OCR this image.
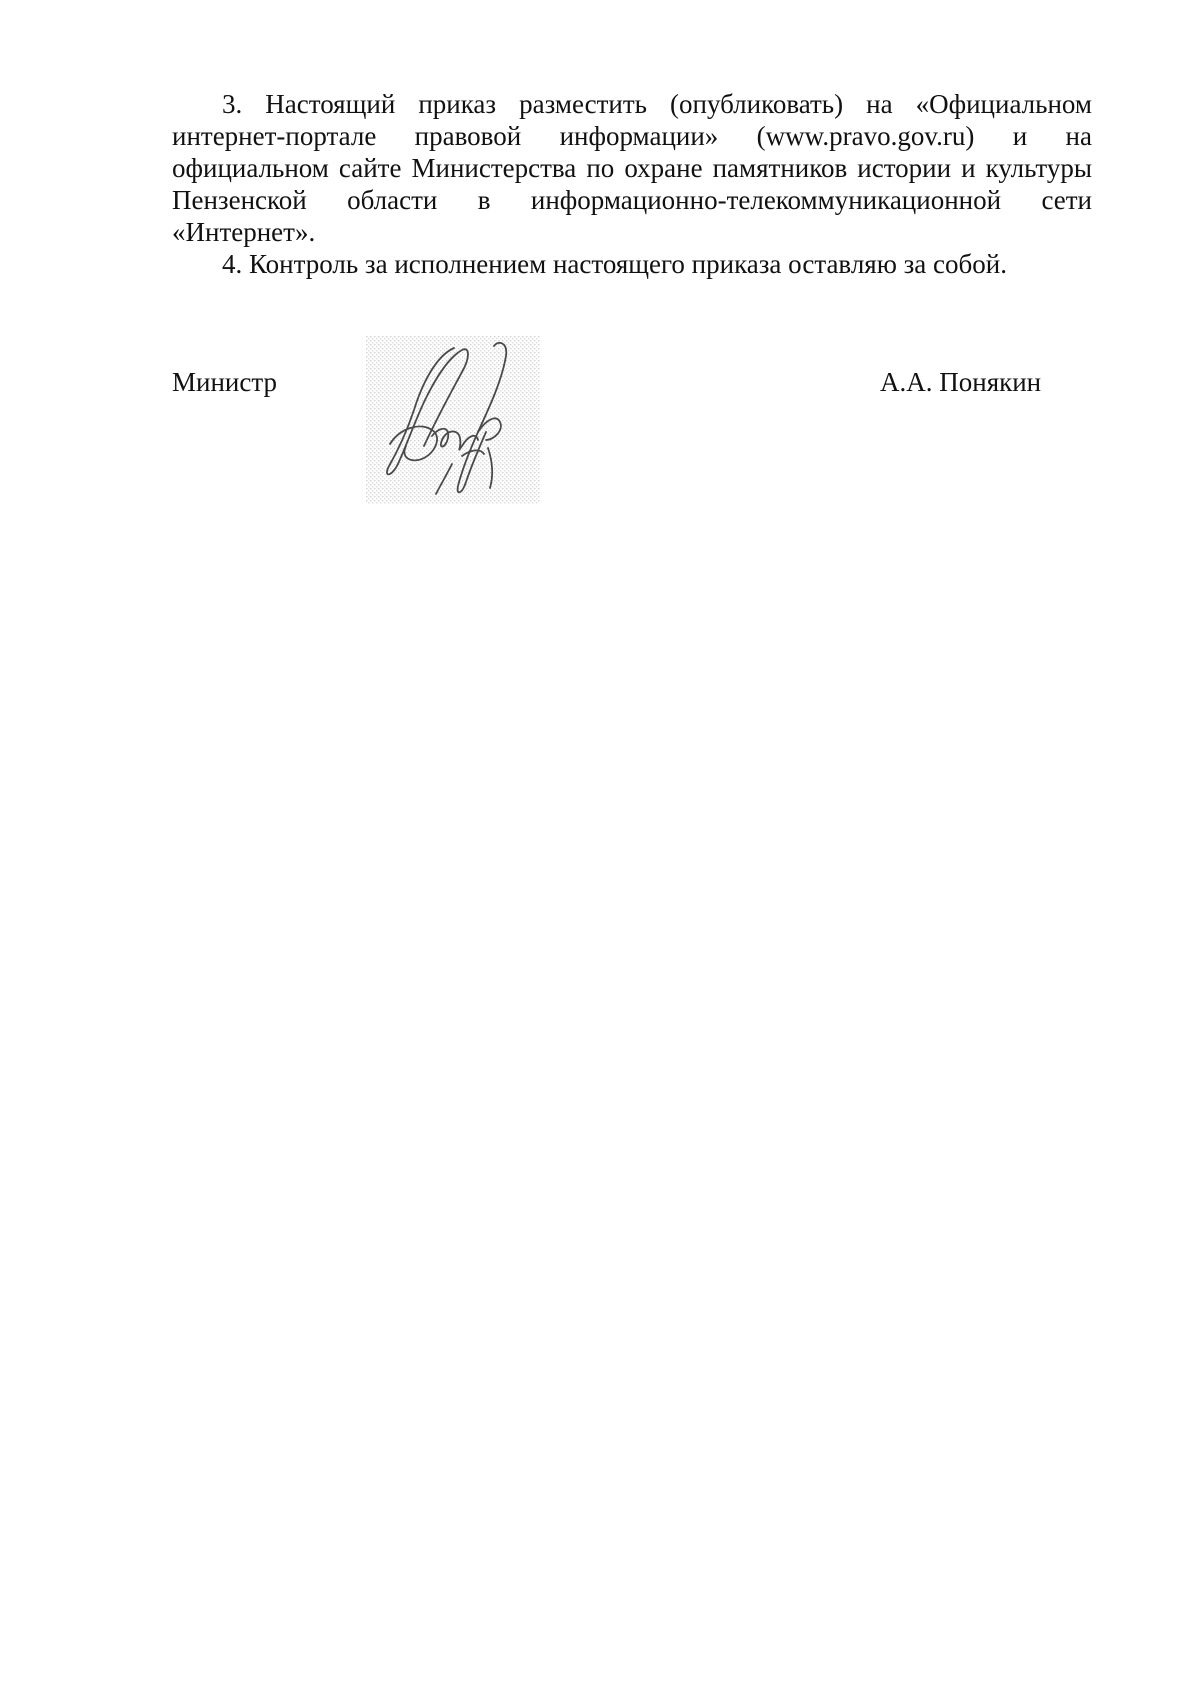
3. Настоящий приказ разместить (опубликовать) на «Официальном интернет-портале правовой информации» (www.pravo.gov.ru) и на официальном сайте Министерства по охране памятников истории и культуры Пензенской области в информационно-телекоммуникационной сети «Интернет».

4. Контроль за исполнением настоящего приказа оставляю за собой.

Министр	А.А. Понякин
